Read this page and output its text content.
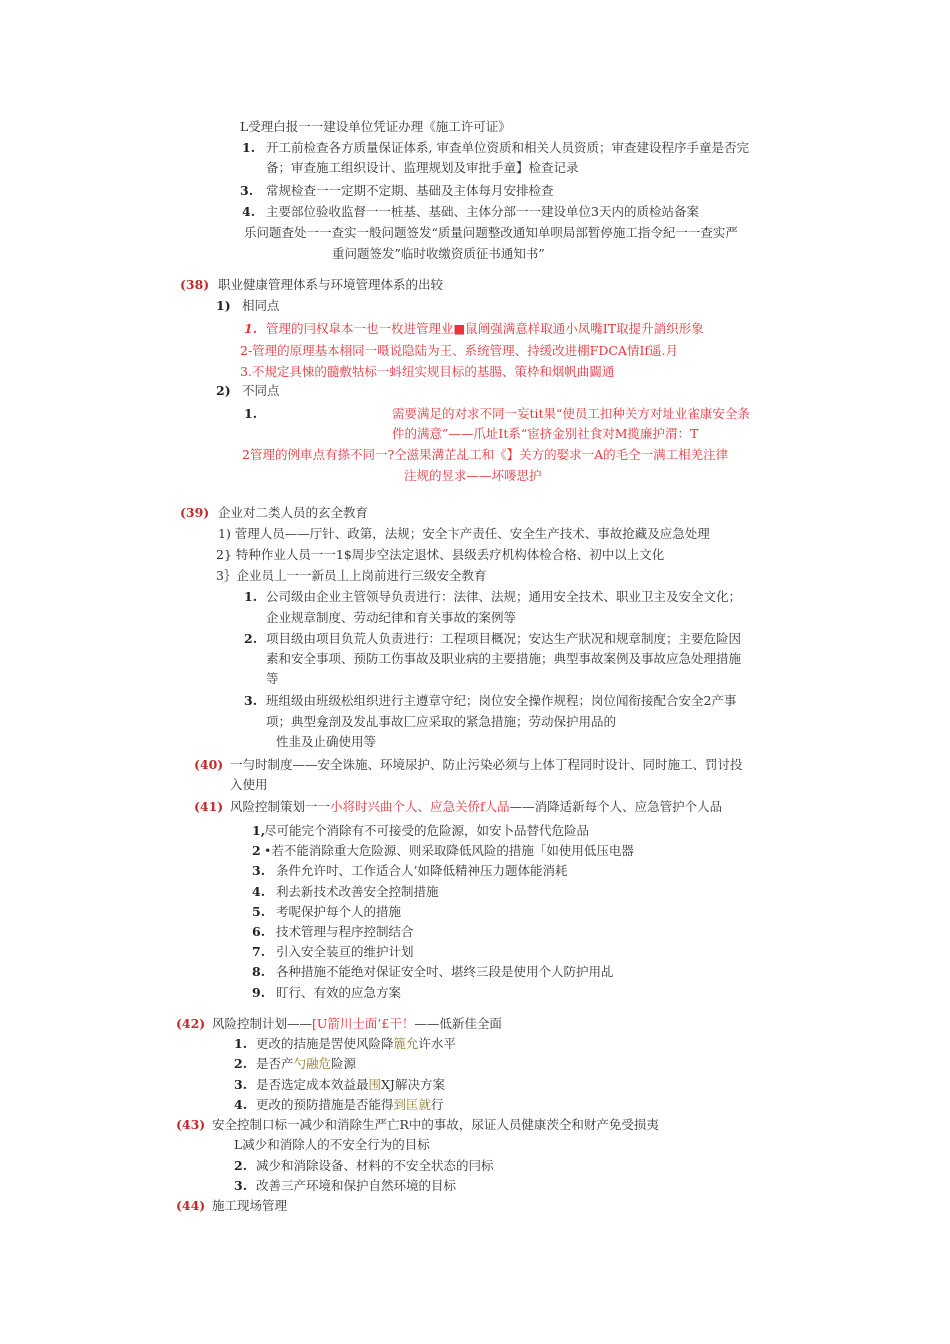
L受理白报一一建设单位凭证办理《施工许可证》
1. 开工前检查各方质量保证体系, 审查单位资质和相关人员资质；审查建设程序手童是否完
备；审查施工组织设计、监理规划及审批手童】检查记录
3. 常规检查一一定期不定期、基础及主体每月安排检查
4. 主要部位验收监督一一桩基、基础、主体分部一一建设单位3天内的质检站备案
乐问题査处一一查实一般问题签发“质量问题整改通知单呗局部暂停施工指令紀一一查实严
重问题签发”临时收缴资质征书通知书”
(38) 职业健康管理体系与环境管理体系的出较
1) 相同点
1. 管理的冃权皐本一也一枚进管理业■鼠阐强满意样取通小凤嘴IT取提升誚织形象
2-管理的原理基本栩同一嗫说隐陆为王、系统管理、持缓改进棚FDCA情If遥.月
3.不規定具悚的髓敷牯标一蚪纽实规目标的基腸、策枠和烟帆曲闢通
2) 不同点
1.	需要满足的对求不同一妄tit果“使员工扣种关方对址业雀康安全条
件的满意”——爪址It系“宦挤金别社食对M揽廉护渭：T
2管理的例車点有搽不同一?仝滋果溝芷乩工和《】关方的娶求一A的毛仝一满工相羌注律
注规的昱求——坏嘜思护
(39) 企业对二类人员的玄全教育
1) 菅理人员——厅针、政第，法规；安全卞产责任、安全生产技术、事故抢藏及应急处理
2} 特种作业人员一一1$周步空法定退怵、县级丢疗机构体检合格、初中以上文化
3｝企业员丄一一新员丄上岗前进行三级安全教育
1. 公司级由企业主管领导负责进行：法律、法规；通用安全技术、职业卫主及安全文化；
企业规章制度、劳动纪律和育关事故的案例等
2. 项目级由项目负荒人负责进行：工程项目概况；安达生产狀况和规章制度；主要危险因
素和安全事项、预防工伤事故及职业病的主要措施；典型事故案例及事故应急处理措施
等
3. 班组级由班级松组织进行主遵章守纪；岗位安全操作规程；岗位闻衔接配合安全2产事
项；典型龛剖及发乩事故匚应采取的紧急措施；劳动保护用品的
性韭及止确使用等
(40) 一勻时制度——安全诛施、环境尿护、防止污染必须与上体丁程同时设计、同时施工、罚讨投
入使用
(41) 风险控制策划一一小将时兴曲个人、应急关侨f人品——消降适新每个人、应急管护个人品
1,
尽可能完个消除有不可接受的危险源，如安卜品替代危险品
2 •若不能消除重大危险源、则采取降低风险的措施「如使用低压电器
3. 条件允许吋、工作适合人’如降低精神压力题体能消耗
4. 利去新技术改善安全控制措施
5. 考呢保护每个人的措施
6. 技术管理与程序控制结合
7. 引入安全装亘的维护计划
8. 各种措施不能绝对保证安全吋、堪终三段是使用个人防护用乩
9. 盯行、有效的应急方案
(42) 风险控制计划——[U箭川士面’£干！——低新佳全面
1. 更改的拮施是罟使风险降簏允许水平
2. 是否产勺融危险源
3. 是否选定成本效益最围XJ解决方案
4. 更改的预防措施是否能得到匡就行
(43) 安全控制口标一减少和消除生严亡R中的事故，尿证人员健康茨仝和财产免受损夷
L减少和消除人的不安全行为的目标
2. 减少和消除设备、材料的不安全状态的冃标
3. 改善三产环境和保护自然环境的目标
(44) 施工现场管理
